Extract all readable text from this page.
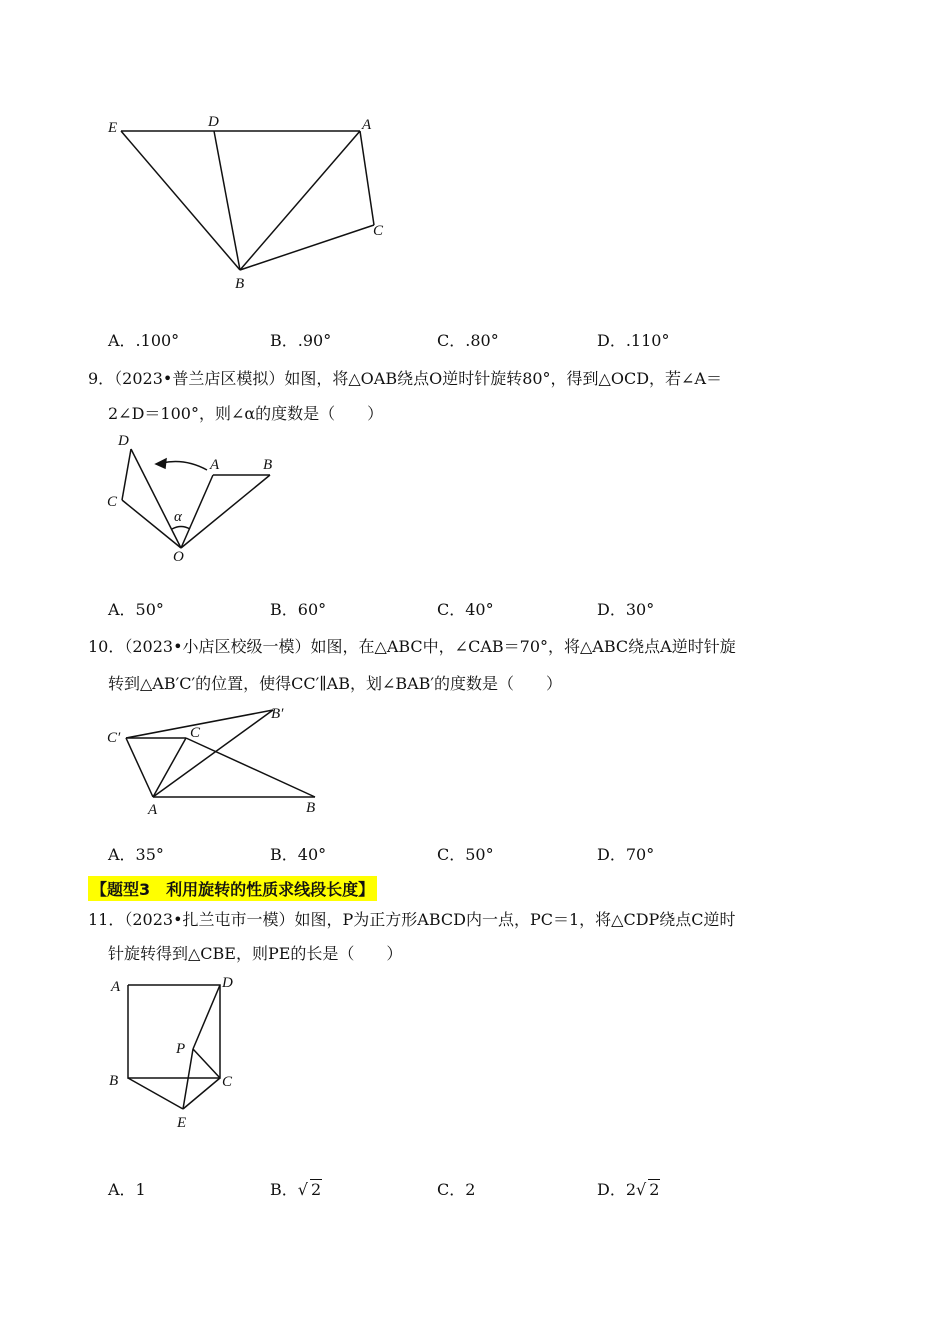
E	D	A
C
B
A．.100°	B．.90°	C．.80°	D．.110°
9．（2023•普兰店区模拟）如图，将△OAB绕点O逆时针旋转80°，得到△OCD，若∠A＝
2∠D＝100°，则∠α的度数是（　　）
D
A	B
C
α
O
A．50°	B．60°	C．40°	D．30°
10．（2023•小店区校级一模）如图，在△ABC中，∠CAB＝70°，将△ABC绕点A逆时针旋
转到△AB′C′的位置，使得CC′∥AB，划∠BAB′的度数是（　　）
C′	C
B′
A	B
A．35°	B．40°	C．50°	D．70°
【题型3　利用旋转的性质求线段长度】
11．（2023•扎兰屯市一模）如图，P为正方形ABCD内一点，PC＝1，将△CDP绕点C逆时
针旋转得到△CBE，则PE的长是（　　）
A	D
P
B	C
E
A．1	B．√ 2	C．2	D．2√ 2
